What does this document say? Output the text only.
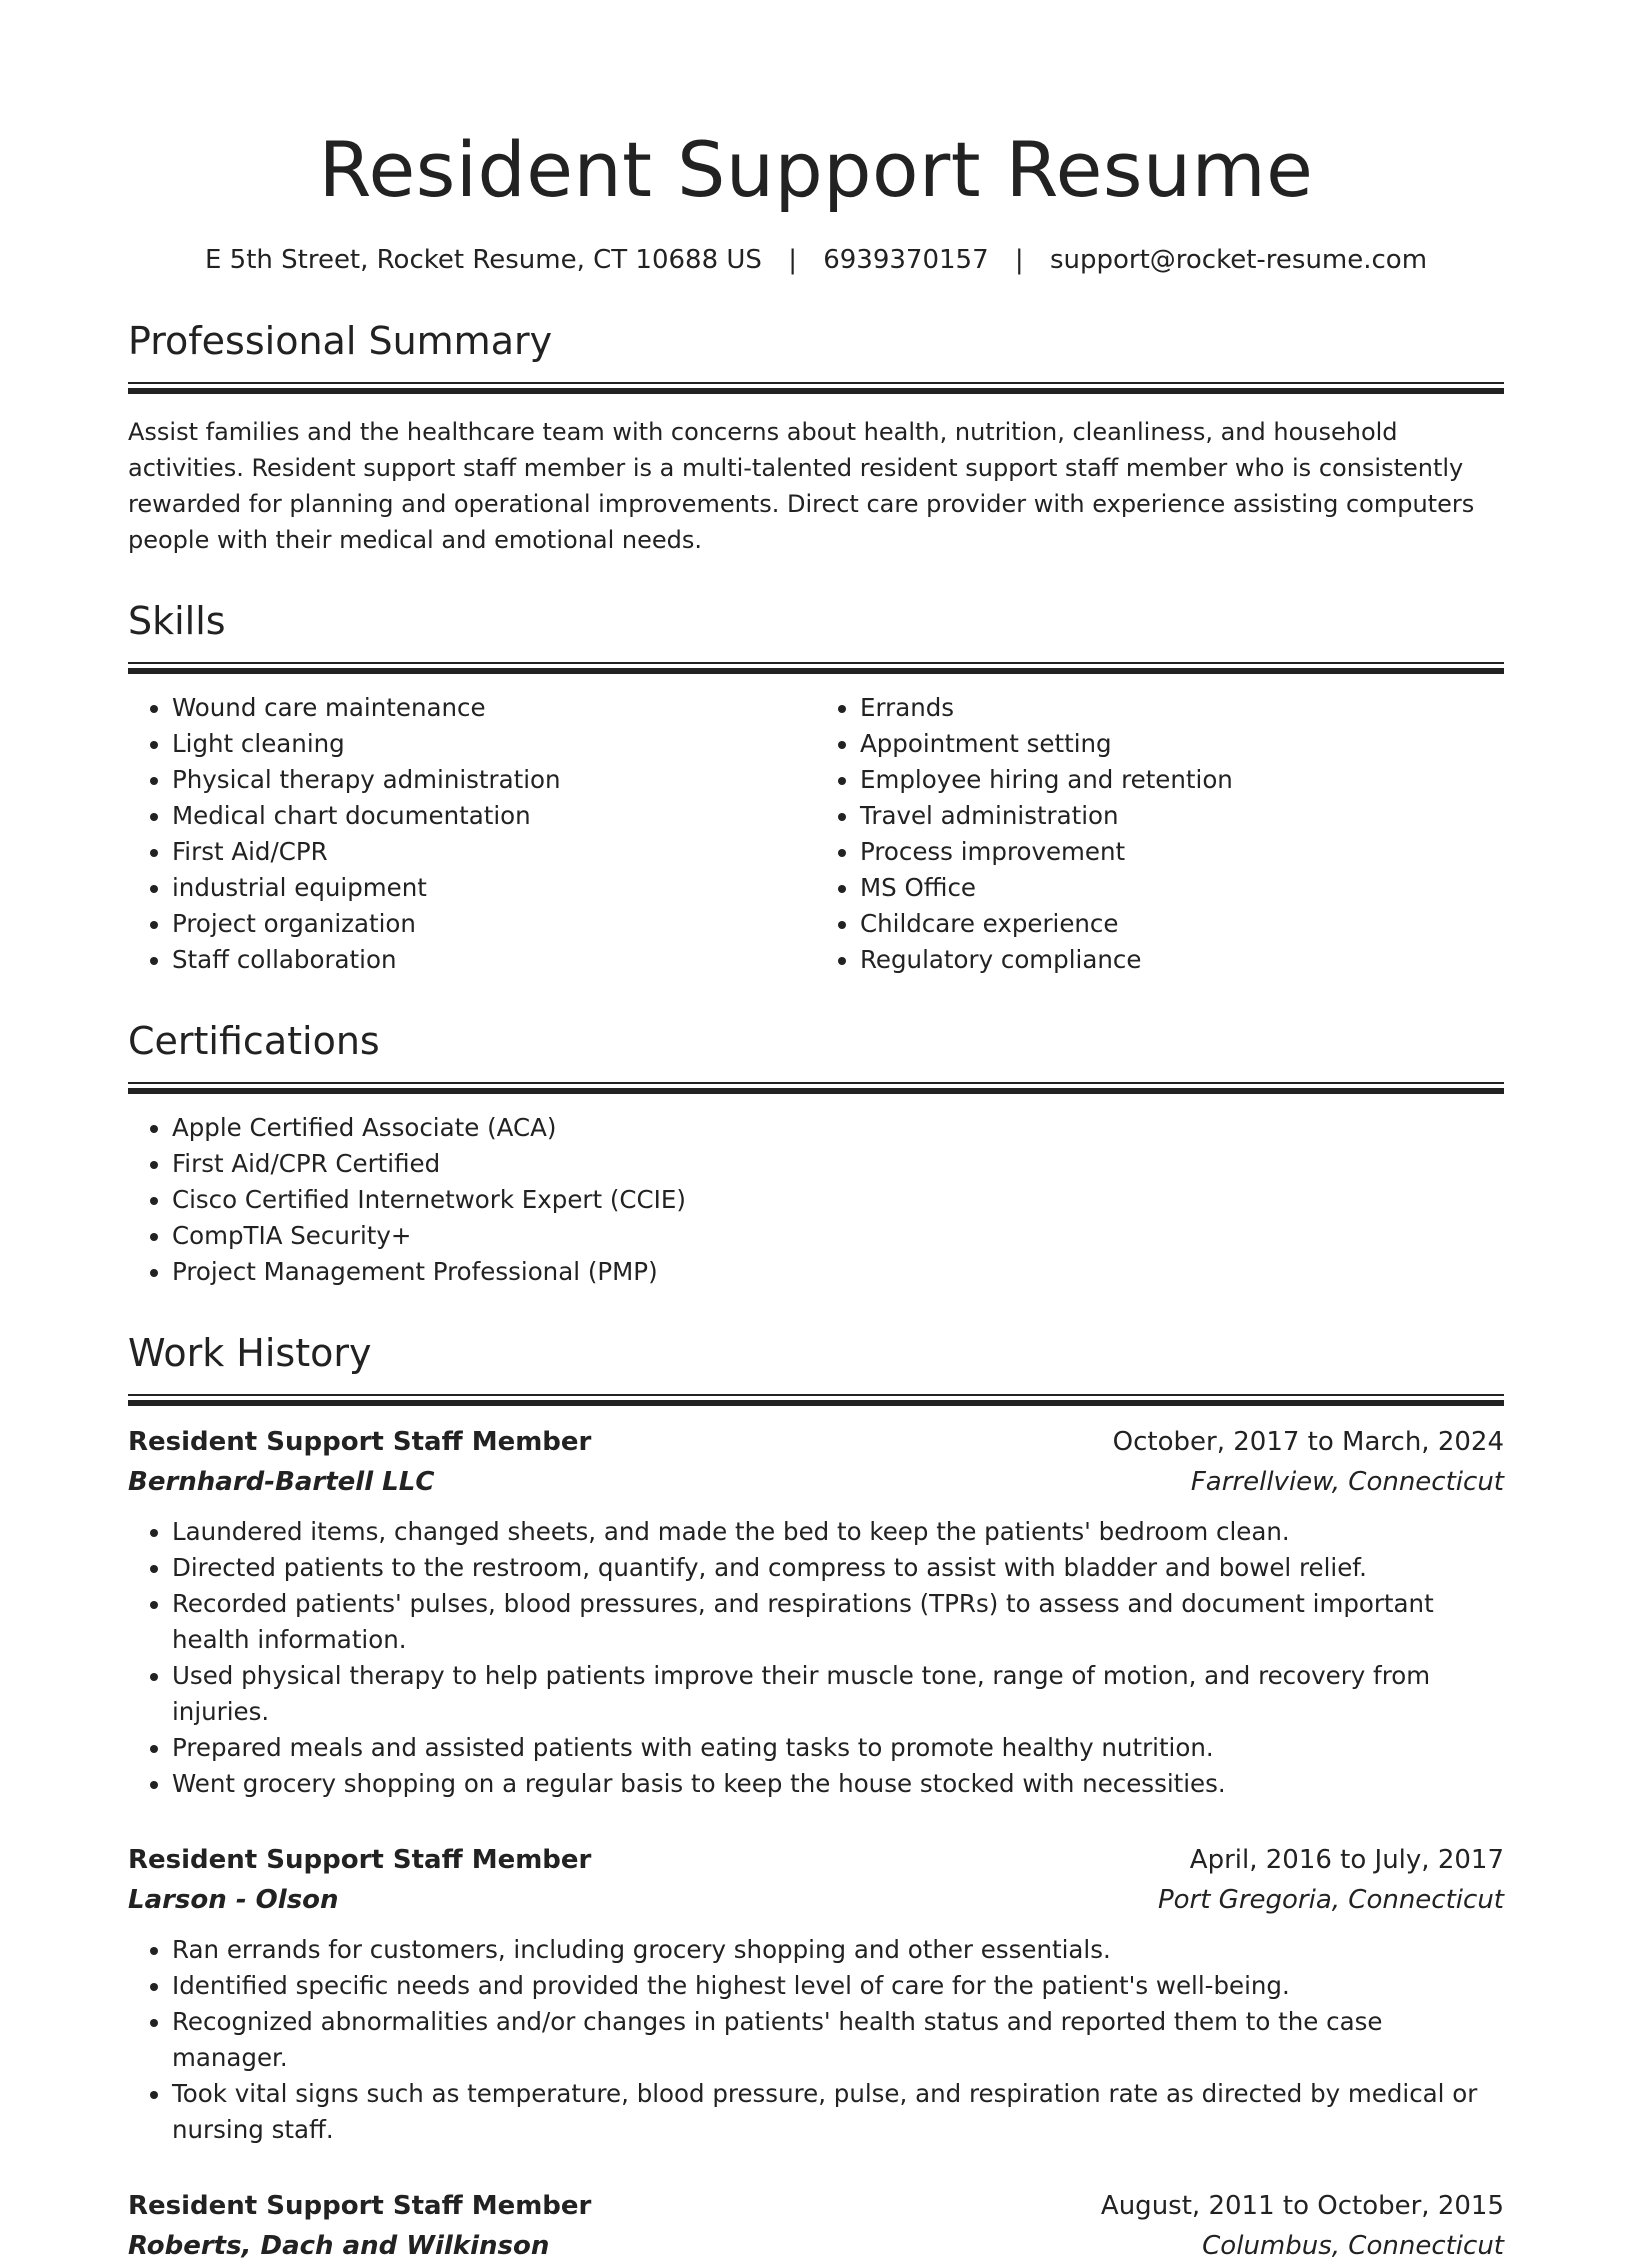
Resident Support Resume
E 5th Street, Rocket Resume, CT 10688 US | 6939370157 | support@rocket-resume.com
Professional Summary
Assist families and the healthcare team with concerns about health, nutrition, cleanliness, and household activities. Resident support staff member is a multi-talented resident support staff member who is consistently rewarded for planning and operational improvements. Direct care provider with experience assisting computers people with their medical and emotional needs.
Skills
• Wound care maintenance
• Light cleaning
• Physical therapy administration
• Medical chart documentation
• First Aid/CPR
• industrial equipment
• Project organization
• Staff collaboration
• Errands
• Appointment setting
• Employee hiring and retention
• Travel administration
• Process improvement
• MS Office
• Childcare experience
• Regulatory compliance
Certifications
• Apple Certified Associate (ACA)
• First Aid/CPR Certified
• Cisco Certified Internetwork Expert (CCIE)
• CompTIA Security+
• Project Management Professional (PMP)
Work History
Resident Support Staff Member	October, 2017 to March, 2024
Bernhard-Bartell LLC	Farrellview, Connecticut
• Laundered items, changed sheets, and made the bed to keep the patients' bedroom clean.
• Directed patients to the restroom, quantify, and compress to assist with bladder and bowel relief.
• Recorded patients' pulses, blood pressures, and respirations (TPRs) to assess and document important health information.
• Used physical therapy to help patients improve their muscle tone, range of motion, and recovery from injuries.
• Prepared meals and assisted patients with eating tasks to promote healthy nutrition.
• Went grocery shopping on a regular basis to keep the house stocked with necessities.
Resident Support Staff Member	April, 2016 to July, 2017
Larson - Olson	Port Gregoria, Connecticut
• Ran errands for customers, including grocery shopping and other essentials.
• Identified specific needs and provided the highest level of care for the patient's well-being.
• Recognized abnormalities and/or changes in patients' health status and reported them to the case manager.
• Took vital signs such as temperature, blood pressure, pulse, and respiration rate as directed by medical or nursing staff.
Resident Support Staff Member	August, 2011 to October, 2015
Roberts, Dach and Wilkinson	Columbus, Connecticut
